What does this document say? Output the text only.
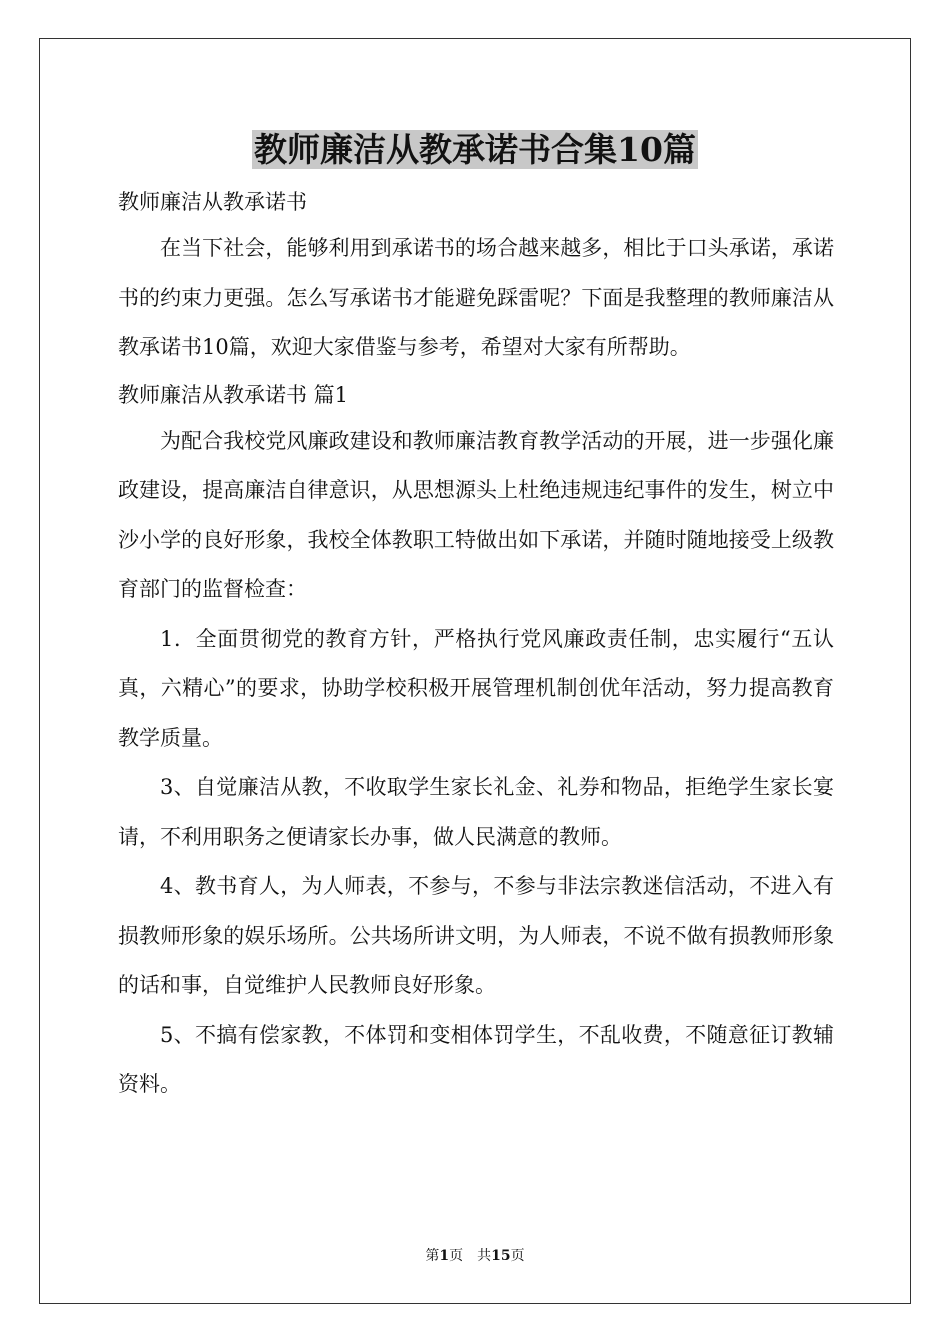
教师廉洁从教承诺书合集10篇

教师廉洁从教承诺书

在当下社会，能够利用到承诺书的场合越来越多，相比于口头承诺，承诺书的约束力更强。怎么写承诺书才能避免踩雷呢？下面是我整理的教师廉洁从教承诺书10篇，欢迎大家借鉴与参考，希望对大家有所帮助。

教师廉洁从教承诺书 篇1

为配合我校党风廉政建设和教师廉洁教育教学活动的开展，进一步强化廉政建设，提高廉洁自律意识，从思想源头上杜绝违规违纪事件的发生，树立中沙小学的良好形象，我校全体教职工特做出如下承诺，并随时随地接受上级教育部门的监督检查：

1．全面贯彻党的教育方针，严格执行党风廉政责任制，忠实履行“五认真，六精心”的要求，协助学校积极开展管理机制创优年活动，努力提高教育教学质量。

3、自觉廉洁从教，不收取学生家长礼金、礼券和物品，拒绝学生家长宴请，不利用职务之便请家长办事，做人民满意的教师。

4、教书育人，为人师表，不参与，不参与非法宗教迷信活动，不进入有损教师形象的娱乐场所。公共场所讲文明，为人师表，不说不做有损教师形象的话和事，自觉维护人民教师良好形象。

5、不搞有偿家教，不体罚和变相体罚学生，不乱收费，不随意征订教辅资料。

第1页　共15页
